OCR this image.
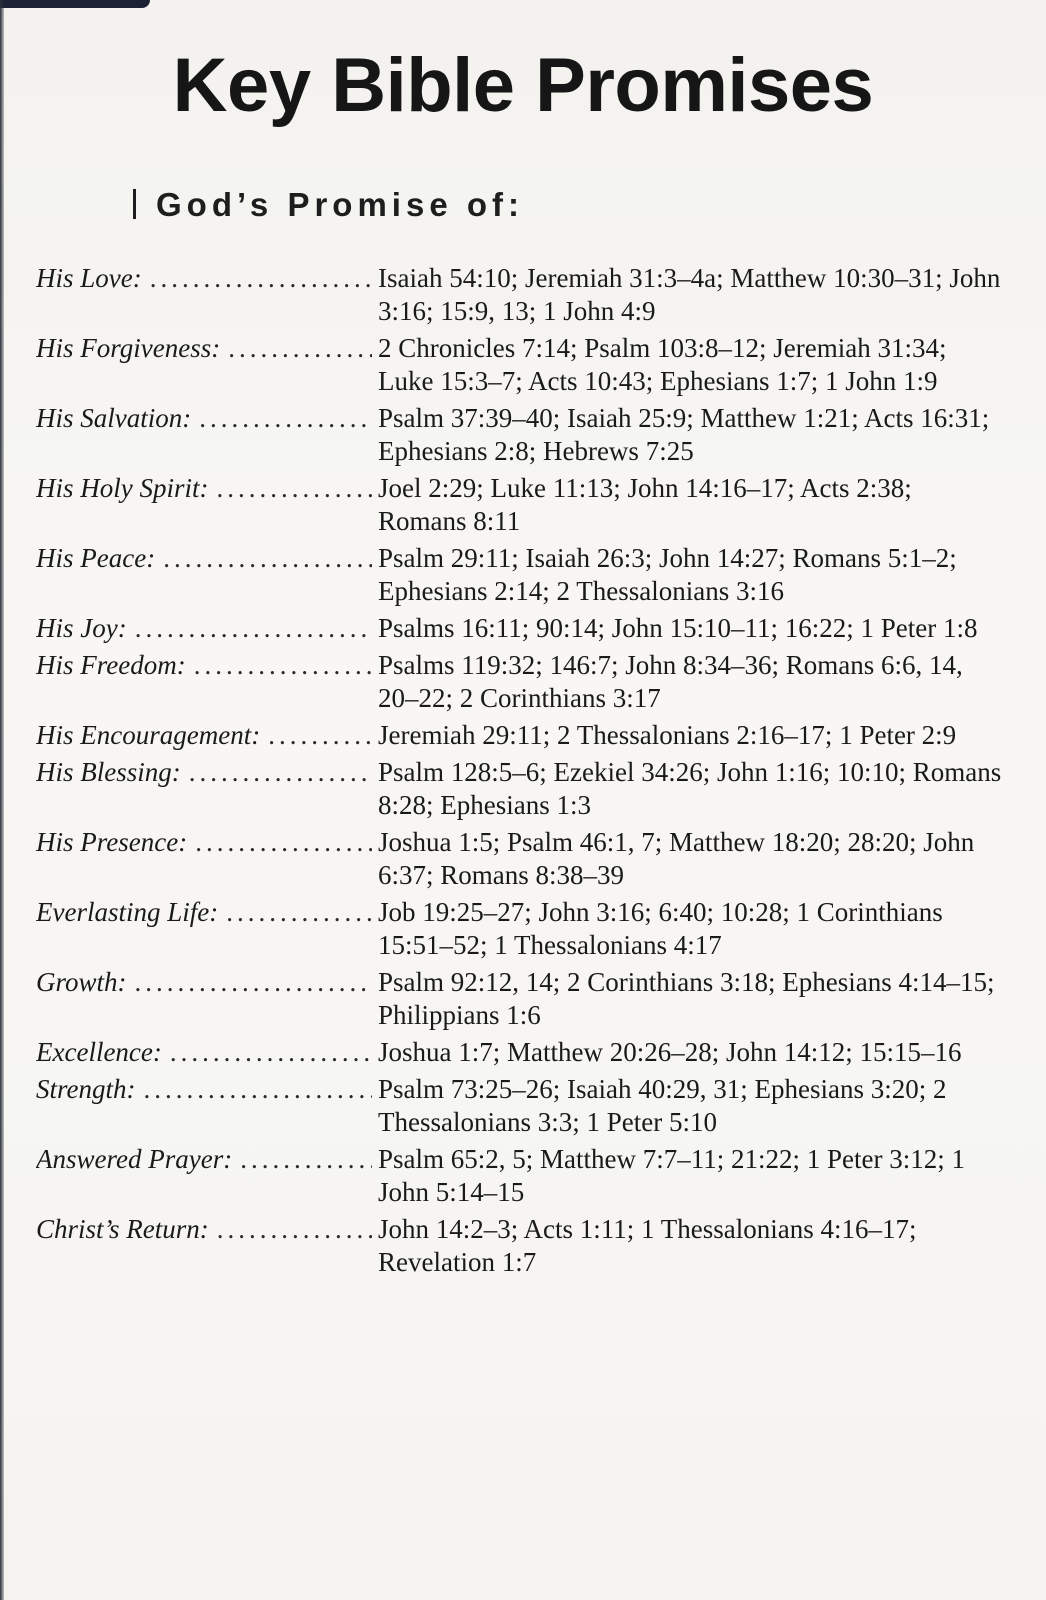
Key Bible Promises
God’s Promise of:
His Love: .....	Isaiah 54:10; Jeremiah 31:3–4a; Matthew 10:30–31; John 3:16; 15:9, 13; 1 John 4:9
His Forgiveness: .....	2 Chronicles 7:14; Psalm 103:8–12; Jeremiah 31:34; Luke 15:3–7; Acts 10:43; Ephesians 1:7; 1 John 1:9
His Salvation: .....	Psalm 37:39–40; Isaiah 25:9; Matthew 1:21; Acts 16:31; Ephesians 2:8; Hebrews 7:25
His Holy Spirit: .....	Joel 2:29; Luke 11:13; John 14:16–17; Acts 2:38; Romans 8:11
His Peace: .....	Psalm 29:11; Isaiah 26:3; John 14:27; Romans 5:1–2; Ephesians 2:14; 2 Thessalonians 3:16
His Joy: .....	Psalms 16:11; 90:14; John 15:10–11; 16:22; 1 Peter 1:8
His Freedom: .....	Psalms 119:32; 146:7; John 8:34–36; Romans 6:6, 14, 20–22; 2 Corinthians 3:17
His Encouragement: .....	Jeremiah 29:11; 2 Thessalonians 2:16–17; 1 Peter 2:9
His Blessing: .....	Psalm 128:5–6; Ezekiel 34:26; John 1:16; 10:10; Romans 8:28; Ephesians 1:3
His Presence: .....	Joshua 1:5; Psalm 46:1, 7; Matthew 18:20; 28:20; John 6:37; Romans 8:38–39
Everlasting Life: .....	Job 19:25–27; John 3:16; 6:40; 10:28; 1 Corinthians 15:51–52; 1 Thessalonians 4:17
Growth: .....	Psalm 92:12, 14; 2 Corinthians 3:18; Ephesians 4:14–15; Philippians 1:6
Excellence: .....	Joshua 1:7; Matthew 20:26–28; John 14:12; 15:15–16
Strength: .....	Psalm 73:25–26; Isaiah 40:29, 31; Ephesians 3:20; 2 Thessalonians 3:3; 1 Peter 5:10
Answered Prayer: .....	Psalm 65:2, 5; Matthew 7:7–11; 21:22; 1 Peter 3:12; 1 John 5:14–15
Christ’s Return: .....	John 14:2–3; Acts 1:11; 1 Thessalonians 4:16–17; Revelation 1:7
